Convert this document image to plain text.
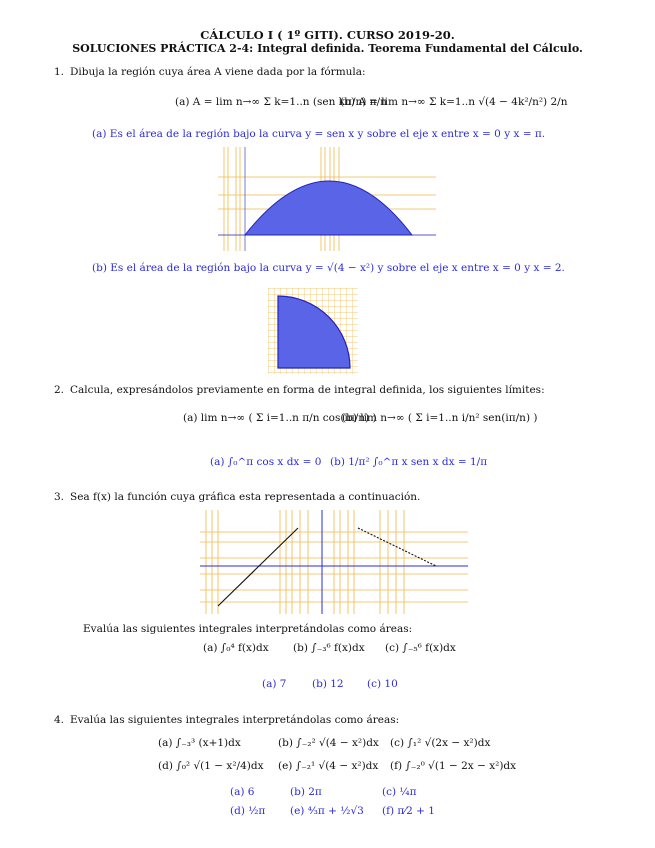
CÁLCULO I ( 1º GITI). CURSO 2019-20.
SOLUCIONES PRÁCTICA 2-4: Integral definida. Teorema Fundamental del Cálculo.
1. Dibuja la región cuya área A viene dada por la fórmula:
(a) A = lim n→∞ Σ k=1..n (sen kπ/n) π/n
(b) A = lim n→∞ Σ k=1..n √(4 − 4k²/n²) 2/n
(a) Es el área de la región bajo la curva y = sen x y sobre el eje x entre x = 0 y x = π.
(b) Es el área de la región bajo la curva y = √(4 − x²) y sobre el eje x entre x = 0 y x = 2.
2. Calcula, expresándolos previamente en forma de integral definida, los siguientes límites:
(a) lim n→∞ ( Σ i=1..n π/n cos(iπ/n) )
(b) lim n→∞ ( Σ i=1..n i/n² sen(iπ/n) )
(a) ∫₀^π cos x dx = 0 (b) 1/π² ∫₀^π x sen x dx = 1/π
3. Sea f(x) la función cuya gráfica esta representada a continuación.
Evalúa las siguientes integrales interpretándolas como áreas:
(a) ∫₀⁴ f(x)dx (b) ∫₋₃⁶ f(x)dx (c) ∫₋₅⁶ f(x)dx
(a) 7 (b) 12 (c) 10
4. Evalúa las siguientes integrales interpretándolas como áreas:
(a) ∫₋₃³ (x+1)dx	(b) ∫₋₂² √(4 − x²)dx (c) ∫₁² √(2x − x²)dx
(d) ∫₀² √(1 − x²/4)dx (e) ∫₋₂¹ √(4 − x²)dx (f) ∫₋₂⁰ √(1 − 2x − x²)dx
(a) 6	(b) 2π	(c) ¼π
(d) ½π (e) ⁴⁄₃π + ½√3 (f) π⁄2 + 1
